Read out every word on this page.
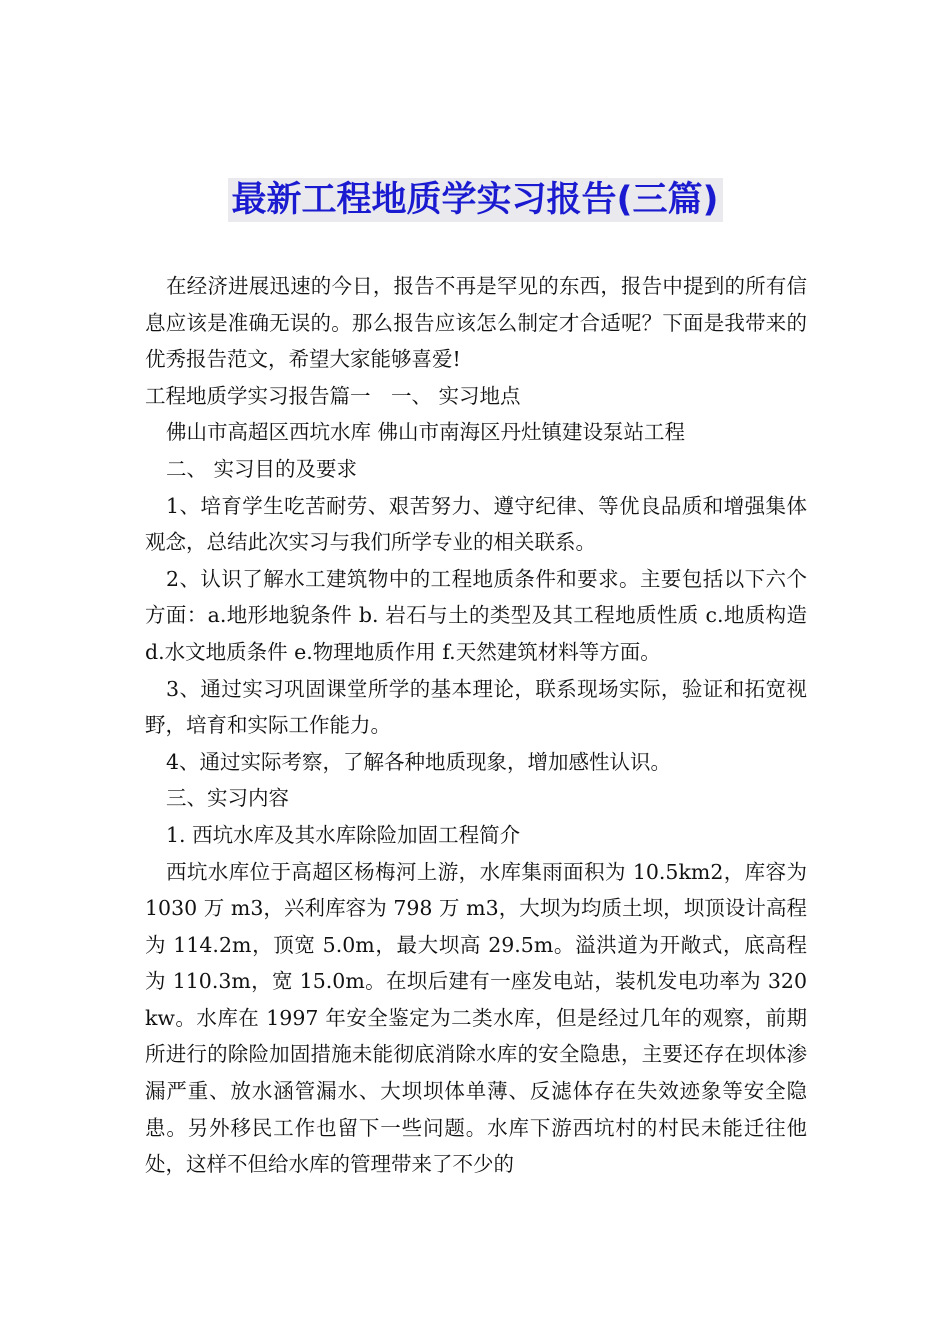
最新工程地质学实习报告(三篇)

在经济进展迅速的今日，报告不再是罕见的东西，报告中提到的所有信息应该是准确无误的。那么报告应该怎么制定才合适呢？下面是我带来的优秀报告范文，希望大家能够喜爱!

工程地质学实习报告篇一　一、 实习地点

佛山市高超区西坑水库 佛山市南海区丹灶镇建设泵站工程

二、 实习目的及要求

1、培育学生吃苦耐劳、艰苦努力、遵守纪律、等优良品质和增强集体观念，总结此次实习与我们所学专业的相关联系。

2、认识了解水工建筑物中的工程地质条件和要求。主要包括以下六个方面：a.地形地貌条件 b. 岩石与土的类型及其工程地质性质 c.地质构造 d.水文地质条件 e.物理地质作用 f.天然建筑材料等方面。

3、通过实习巩固课堂所学的基本理论，联系现场实际，验证和拓宽视野，培育和实际工作能力。

4、通过实际考察，了解各种地质现象，增加感性认识。

三、实习内容

1. 西坑水库及其水库除险加固工程简介

西坑水库位于高超区杨梅河上游，水库集雨面积为 10.5km2，库容为 1030 万 m3，兴利库容为 798 万 m3，大坝为均质土坝，坝顶设计高程为 114.2m，顶宽 5.0m，最大坝高 29.5m。溢洪道为开敞式，底高程为 110.3m，宽 15.0m。在坝后建有一座发电站，装机发电功率为 320 kw。水库在 1997 年安全鉴定为二类水库，但是经过几年的观察，前期所进行的除险加固措施未能彻底消除水库的安全隐患，主要还存在坝体渗漏严重、放水涵管漏水、大坝坝体单薄、反滤体存在失效迹象等安全隐患。另外移民工作也留下一些问题。水库下游西坑村的村民未能迁往他处，这样不但给水库的管理带来了不少的
